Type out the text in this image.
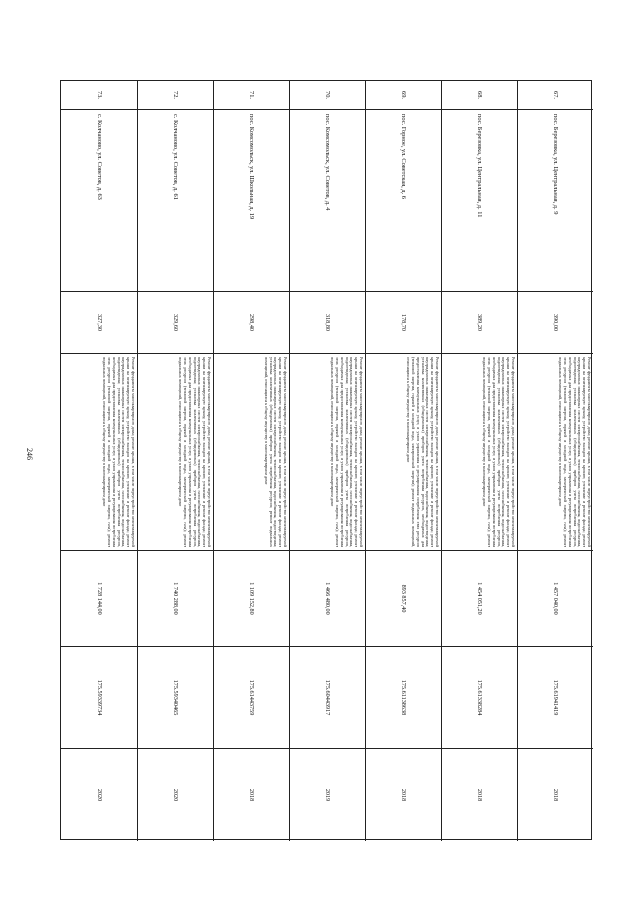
246
67.
пос. Березовка, ул. Центральная, д. 9
390,00
Ремонт фундамента многоквартирного дома; ремонт крыши, в том числе переустройство невентилируемой крыши на вентилируемую крышу, устройство выходов на кровлю; утепление и ремонт фасада; ремонт внутридомовых инженерных систем электроснабжения, теплоснабжения, газоснабжения, водоснабжения, водоотведения; установка коллективных (общедомовых) приборов учета потребления ресурсов, необходимых для предоставления коммунальных услуг, и узлов управления и регулирования потребления этих ресурсов (тепловой энергии, горячей и холодной воды, электрической энергии, газа); ремонт подвальных помещений, относящихся к общему имуществу в многоквартирном доме
1 457 040,00
175.61941419
2018
68.
пос. Березовка, ул. Центральная, д. 11
389,20
Ремонт фундамента многоквартирного дома; ремонт крыши, в том числе переустройство невентилируемой крыши на вентилируемую крышу, устройство выходов на кровлю; утепление и ремонт фасада; ремонт внутридомовых инженерных систем электроснабжения, теплоснабжения, газоснабжения, водоснабжения, водоотведения; установка коллективных (общедомовых) приборов учета потребления ресурсов, необходимых для предоставления коммунальных услуг, и узлов управления и регулирования потребления этих ресурсов (тепловой энергии, горячей и холодной воды, электрической энергии, газа); ремонт подвальных помещений, относящихся к общему имуществу в многоквартирном доме
1 454 051,20
175.61338284
2018
69.
пос. Горное, ул. Советская, д. 6
178,70
Ремонт фундамента многоквартирного дома; ремонт крыши, в том числе переустройство невентилируемой крыши на вентилируемую крышу, устройство выходов на кровлю; утепление и ремонт фасада; ремонт внутридомовых инженерных систем электроснабжения, теплоснабжения, водоснабжения, водоотведения; установка коллективных (общедомовых) приборов учета потребления ресурсов, необходимых для предоставления коммунальных услуг, и узлов управления и регулирования потребления этих ресурсов (тепловой энергии, горячей и холодной воды, электрической энергии); ремонт подвальных помещений, относящихся к общему имуществу в многоквартирном доме
893 857,40
175.61138638
2018
70.
пос. Комсомольск, ул. Советов, д. 4
318,80
Ремонт фундамента многоквартирного дома; ремонт крыши, в том числе переустройство невентилируемой крыши на вентилируемую крышу, устройство выходов на кровлю; утепление и ремонт фасада; ремонт внутридомовых инженерных систем электроснабжения, теплоснабжения, газоснабжения, водоснабжения, водоотведения; установка коллективных (общедомовых) приборов учета потребления ресурсов, необходимых для предоставления коммунальных услуг, и узлов управления и регулирования потребления этих ресурсов (тепловой энергии, горячей и холодной воды, электрической энергии, газа); ремонт подвальных помещений, относящихся к общему имуществу в многоквартирном доме
1 466 480,00
175.60443917
2019
71.
пос. Комсомольск, ул. Школьная, д. 19
298,40
Ремонт фундамента многоквартирного дома; ремонт крыши, в том числе переустройство невентилируемой крыши на вентилируемую крышу, устройство выходов на кровлю; утепление и ремонт фасада; ремонт внутридомовых инженерных систем электроснабжения, теплоснабжения, водоснабжения, водоотведения; установка коллективных (общедомовых) приборов учета потребления ресурсов; ремонт подвальных помещений, относящихся к общему имуществу в многоквартирном доме
1 109 152,80
175.61443759
2018
72.
с. Колчаново, ул. Советов, д. 61
329,60
Ремонт фундамента многоквартирного дома; ремонт крыши, в том числе переустройство невентилируемой крыши на вентилируемую крышу, устройство выходов на кровлю; утепление и ремонт фасада; ремонт внутридомовых инженерных систем электроснабжения, теплоснабжения, газоснабжения, водоснабжения, водоотведения; установка коллективных (общедомовых) приборов учета потребления ресурсов, необходимых для предоставления коммунальных услуг, и узлов управления и регулирования потребления этих ресурсов (тепловой энергии, горячей и холодной воды, электрической энергии, газа); ремонт подвальных помещений, относящихся к общему имуществу в многоквартирном доме
1 740 288,00
175.59340465
2020
73.
с. Колчаново, ул. Советов, д. 63
327,30
Ремонт фундамента многоквартирного дома; ремонт крыши, в том числе переустройство невентилируемой крыши на вентилируемую крышу, устройство выходов на кровлю; утепление и ремонт фасада; ремонт внутридомовых инженерных систем электроснабжения, теплоснабжения, газоснабжения, водоснабжения, водоотведения; установка коллективных (общедомовых) приборов учета потребления ресурсов, необходимых для предоставления коммунальных услуг, и узлов управления и регулирования потребления этих ресурсов (тепловой энергии, горячей и холодной воды, электрической энергии, газа); ремонт подвальных помещений, относящихся к общему имуществу в многоквартирном доме
1 728 144,00
175.59339734
2020
